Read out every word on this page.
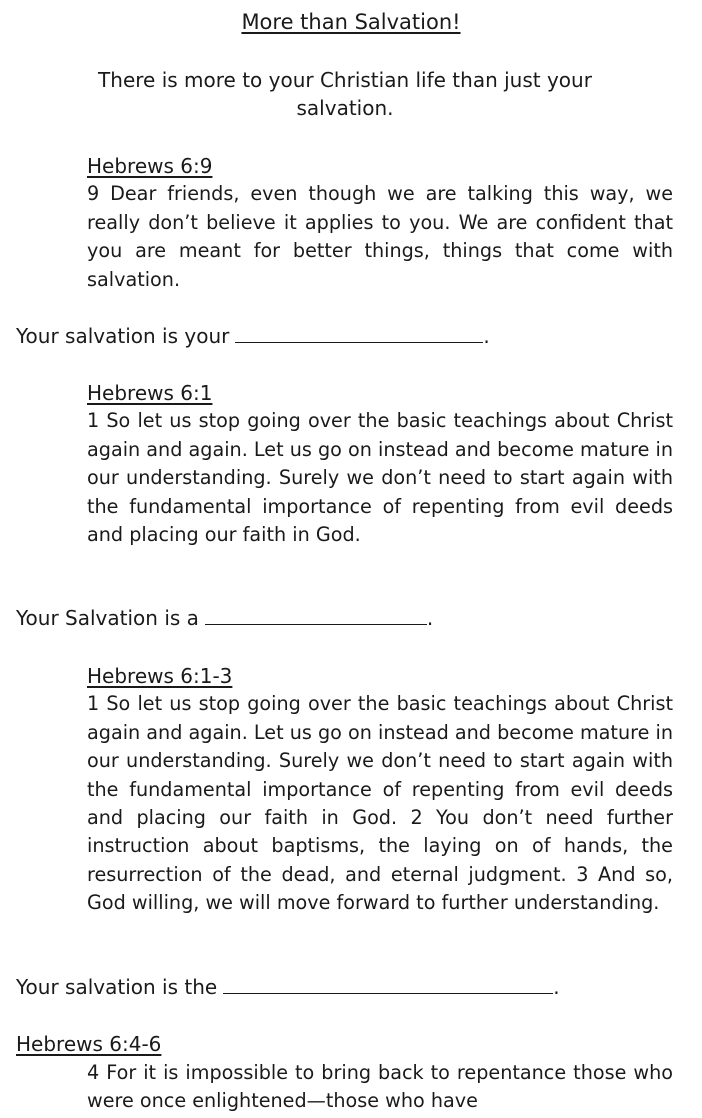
More than Salvation!
There is more to your Christian life than just your salvation.
Hebrews 6:9
9 Dear friends, even though we are talking this way, we really don’t believe it applies to you. We are confident that you are meant for better things, things that come with salvation.
Your salvation is your	.
Hebrews 6:1
1 So let us stop going over the basic teachings about Christ again and again. Let us go on instead and become mature in our understanding. Surely we don’t need to start again with the fundamental importance of repenting from evil deeds and placing our faith in God.
Your Salvation is a	.
Hebrews 6:1-3
1 So let us stop going over the basic teachings about Christ again and again. Let us go on instead and become mature in our understanding. Surely we don’t need to start again with the fundamental importance of repenting from evil deeds and placing our faith in God. 2 You don’t need further instruction about baptisms, the laying on of hands, the resurrection of the dead, and eternal judgment. 3 And so, God willing, we will move forward to further understanding.
Your salvation is the	.
Hebrews 6:4-6
4 For it is impossible to bring back to repentance those who were once enlightened—those who have
